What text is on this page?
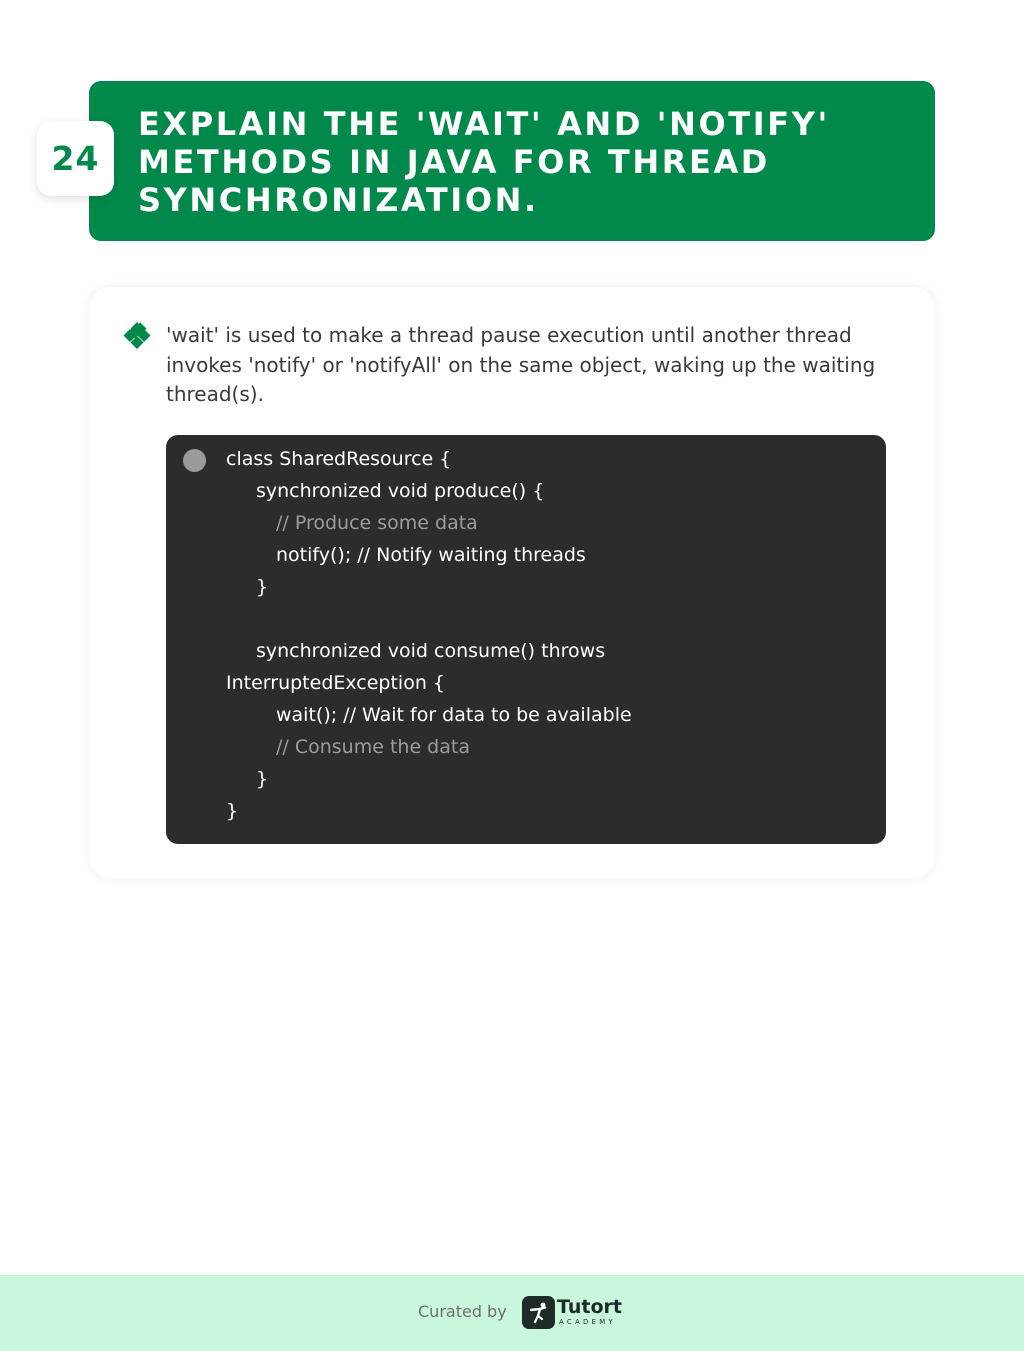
24
EXPLAIN THE 'WAIT' AND 'NOTIFY' METHODS IN JAVA FOR THREAD SYNCHRONIZATION.
'wait' is used to make a thread pause execution until another thread invokes 'notify' or 'notifyAll' on the same object, waking up the waiting thread(s).
class SharedResource {
synchronized void produce() {
// Produce some data
notify(); // Notify waiting threads
}
synchronized void consume() throws
InterruptedException {
wait(); // Wait for data to be available
// Consume the data
}
}
Curated by	Tutort
ACADEMY
